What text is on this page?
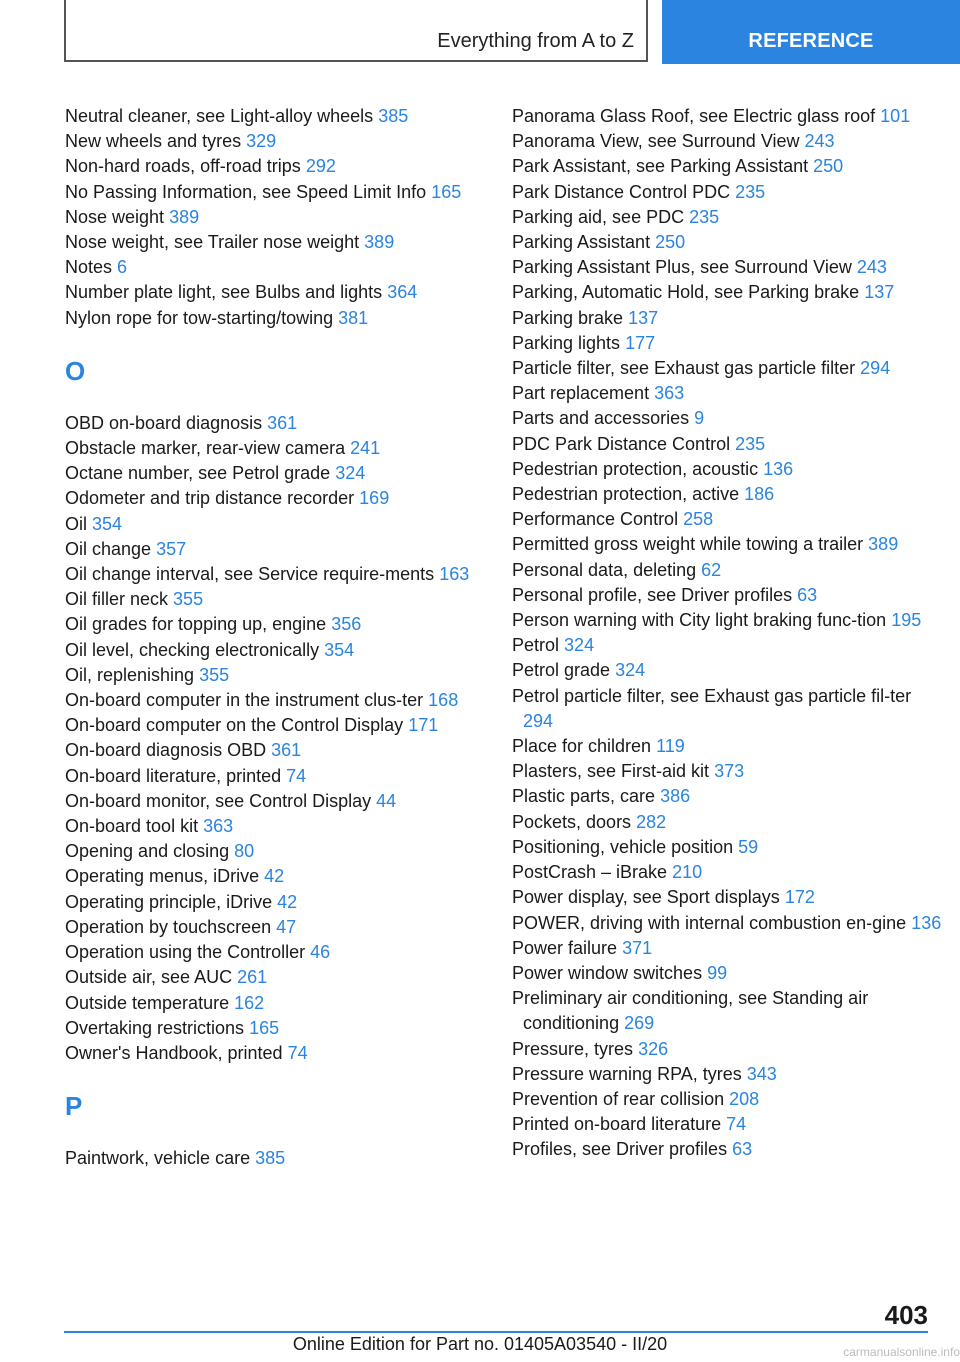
Everything from A to Z	REFERENCE
Neutral cleaner, see Light-alloy wheels 385
New wheels and tyres 329
Non-hard roads, off-road trips 292
No Passing Information, see Speed Limit Info 165
Nose weight 389
Nose weight, see Trailer nose weight 389
Notes 6
Number plate light, see Bulbs and lights 364
Nylon rope for tow-starting/towing 381
O
OBD on-board diagnosis 361
Obstacle marker, rear-view camera 241
Octane number, see Petrol grade 324
Odometer and trip distance recorder 169
Oil 354
Oil change 357
Oil change interval, see Service require-ments 163
Oil filler neck 355
Oil grades for topping up, engine 356
Oil level, checking electronically 354
Oil, replenishing 355
On-board computer in the instrument clus-ter 168
On-board computer on the Control Display 171
On-board diagnosis OBD 361
On-board literature, printed 74
On-board monitor, see Control Display 44
On-board tool kit 363
Opening and closing 80
Operating menus, iDrive 42
Operating principle, iDrive 42
Operation by touchscreen 47
Operation using the Controller 46
Outside air, see AUC 261
Outside temperature 162
Overtaking restrictions 165
Owner's Handbook, printed 74
P
Paintwork, vehicle care 385
Panorama Glass Roof, see Electric glass roof 101
Panorama View, see Surround View 243
Park Assistant, see Parking Assistant 250
Park Distance Control PDC 235
Parking aid, see PDC 235
Parking Assistant 250
Parking Assistant Plus, see Surround View 243
Parking, Automatic Hold, see Parking brake 137
Parking brake 137
Parking lights 177
Particle filter, see Exhaust gas particle filter 294
Part replacement 363
Parts and accessories 9
PDC Park Distance Control 235
Pedestrian protection, acoustic 136
Pedestrian protection, active 186
Performance Control 258
Permitted gross weight while towing a trailer 389
Personal data, deleting 62
Personal profile, see Driver profiles 63
Person warning with City light braking func-tion 195
Petrol 324
Petrol grade 324
Petrol particle filter, see Exhaust gas particle fil-ter 294
Place for children 119
Plasters, see First-aid kit 373
Plastic parts, care 386
Pockets, doors 282
Positioning, vehicle position 59
PostCrash – iBrake 210
Power display, see Sport displays 172
POWER, driving with internal combustion en-gine 136
Power failure 371
Power window switches 99
Preliminary air conditioning, see Standing air conditioning 269
Pressure, tyres 326
Pressure warning RPA, tyres 343
Prevention of rear collision 208
Printed on-board literature 74
Profiles, see Driver profiles 63
403
Online Edition for Part no. 01405A03540 - II/20	carmanualsonline.info
